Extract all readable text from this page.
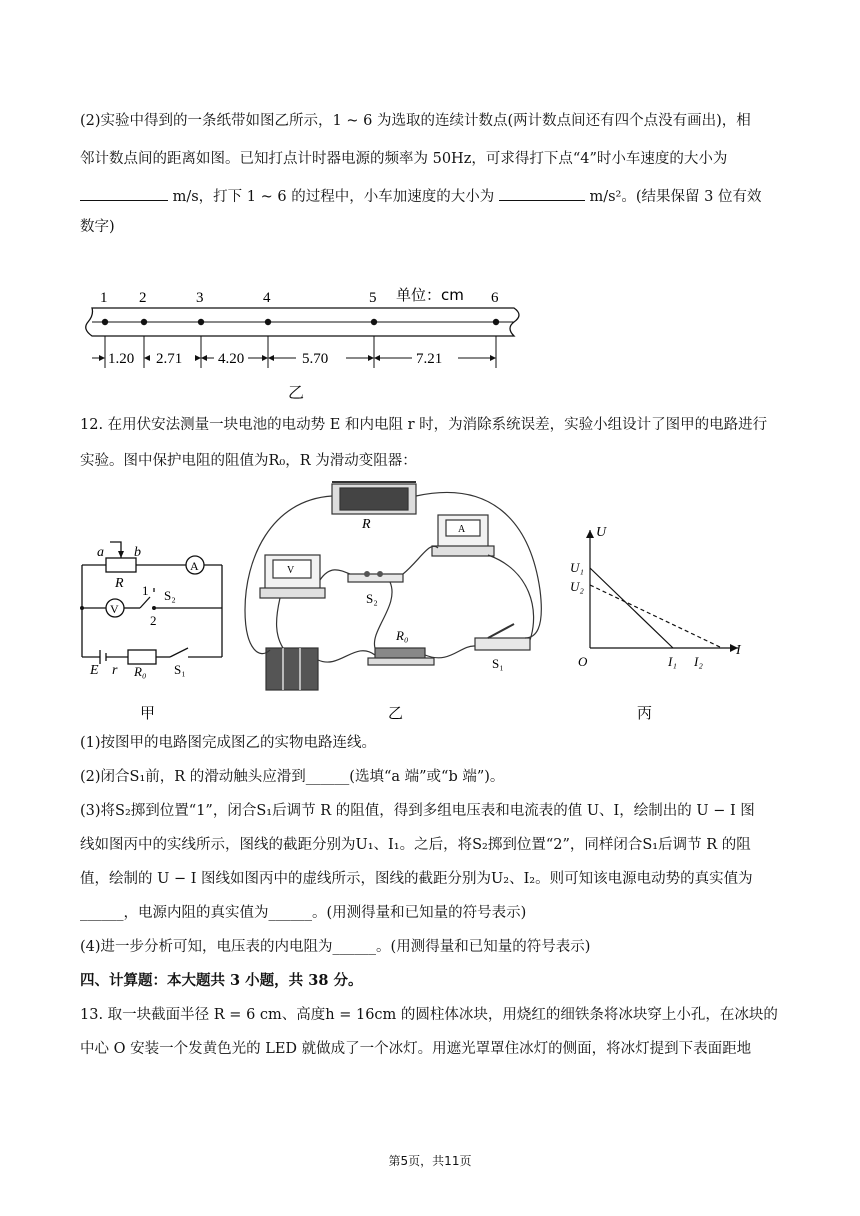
(2)实验中得到的一条纸带如图乙所示，1 ~ 6 为选取的连续计数点(两计数点间还有四个点没有画出)，相

邻计数点间的距离如图。已知打点计时器电源的频率为 50Hz，可求得打下点“4”时小车速度的大小为

m/s，打下 1 ~ 6 的过程中，小车加速度的大小为	m/s²。(结果保留 3 位有效

数字)

1 2	3	4	5	6
单位：cm
1.20 2.71 4.20	5.70	7.21
乙

12. 在用伏安法测量一块电池的电动势 E 和内电阻 r 时，为消除系统误差，实验小组设计了图甲的电路进行

实验。图中保护电阻的阻值为R₀，R 为滑动变阻器：

a b
R
A
V
1 S₂
2
E r R₀ S₁
甲
R
V
A
S₂
R₀
S₁
乙
U
I
U₁
U₂
O	I₁ I₂
丙

(1)按图甲的电路图完成图乙的实物电路连线。

(2)闭合S₁前，R 的滑动触头应滑到______(选填“a 端”或“b 端”)。

(3)将S₂掷到位置“1”，闭合S₁后调节 R 的阻值，得到多组电压表和电流表的值 U、I，绘制出的 U − I 图

线如图丙中的实线所示，图线的截距分别为U₁、I₁。之后，将S₂掷到位置“2”，同样闭合S₁后调节 R 的阻

值，绘制的 U − I 图线如图丙中的虚线所示，图线的截距分别为U₂、I₂。则可知该电源电动势的真实值为

______，电源内阻的真实值为______。(用测得量和已知量的符号表示)

(4)进一步分析可知，电压表的内电阻为______。(用测得量和已知量的符号表示)

四、计算题：本大题共 3 小题，共 38 分。

13. 取一块截面半径 R = 6 cm、高度h = 16cm 的圆柱体冰块，用烧红的细铁条将冰块穿上小孔，在冰块的

中心 O 安装一个发黄色光的 LED 就做成了一个冰灯。用遮光罩罩住冰灯的侧面，将冰灯提到下表面距地

第5页，共11页
